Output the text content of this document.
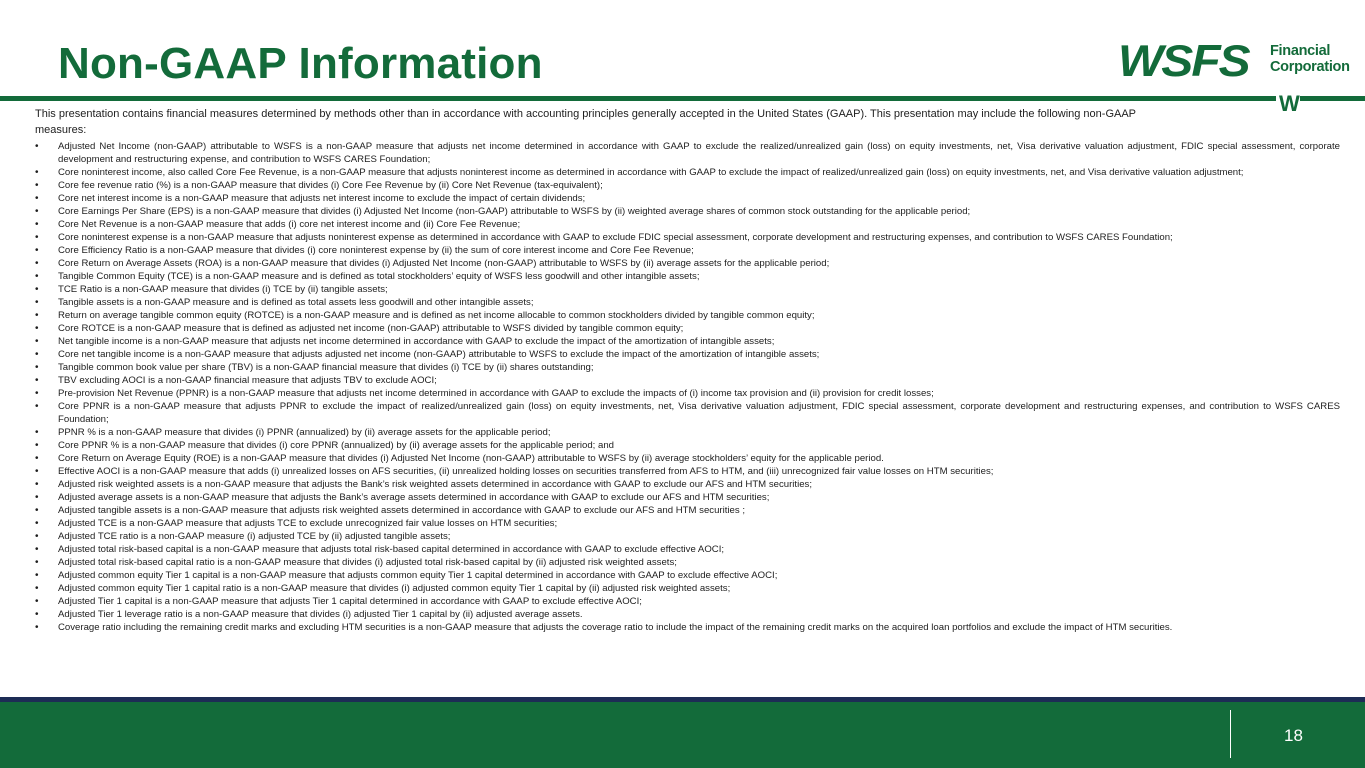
Non-GAAP Information	WSFS Financial
Corporation
W

This presentation contains financial measures determined by methods other than in accordance with accounting principles generally accepted in the United States (GAAP). This presentation may include the following non-GAAP measures:

• Adjusted Net Income (non-GAAP) attributable to WSFS is a non-GAAP measure that adjusts net income determined in accordance with GAAP to exclude the realized/unrealized gain (loss) on equity investments, net, Visa derivative valuation adjustment, FDIC special assessment, corporate development and restructuring expense, and contribution to WSFS CARES Foundation;
• Core noninterest income, also called Core Fee Revenue, is a non-GAAP measure that adjusts noninterest income as determined in accordance with GAAP to exclude the impact of realized/unrealized gain (loss) on equity investments, net, and Visa derivative valuation adjustment;
• Core fee revenue ratio (%) is a non-GAAP measure that divides (i) Core Fee Revenue by (ii) Core Net Revenue (tax-equivalent);
• Core net interest income is a non-GAAP measure that adjusts net interest income to exclude the impact of certain dividends;
• Core Earnings Per Share (EPS) is a non-GAAP measure that divides (i) Adjusted Net Income (non-GAAP) attributable to WSFS by (ii) weighted average shares of common stock outstanding for the applicable period;
• Core Net Revenue is a non-GAAP measure that adds (i) core net interest income and (ii) Core Fee Revenue;
• Core noninterest expense is a non-GAAP measure that adjusts noninterest expense as determined in accordance with GAAP to exclude FDIC special assessment, corporate development and restructuring expenses, and contribution to WSFS CARES Foundation;
• Core Efficiency Ratio is a non-GAAP measure that divides (i) core noninterest expense by (ii) the sum of core interest income and Core Fee Revenue;
• Core Return on Average Assets (ROA) is a non-GAAP measure that divides (i) Adjusted Net Income (non-GAAP) attributable to WSFS by (ii) average assets for the applicable period;
• Tangible Common Equity (TCE) is a non-GAAP measure and is defined as total stockholders’ equity of WSFS less goodwill and other intangible assets;
• TCE Ratio is a non-GAAP measure that divides (i) TCE by (ii) tangible assets;
• Tangible assets is a non-GAAP measure and is defined as total assets less goodwill and other intangible assets;
• Return on average tangible common equity (ROTCE) is a non-GAAP measure and is defined as net income allocable to common stockholders divided by tangible common equity;
• Core ROTCE is a non-GAAP measure that is defined as adjusted net income (non-GAAP) attributable to WSFS divided by tangible common equity;
• Net tangible income is a non-GAAP measure that adjusts net income determined in accordance with GAAP to exclude the impact of the amortization of intangible assets;
• Core net tangible income is a non-GAAP measure that adjusts adjusted net income (non-GAAP) attributable to WSFS to exclude the impact of the amortization of intangible assets;
• Tangible common book value per share (TBV) is a non-GAAP financial measure that divides (i) TCE by (ii) shares outstanding;
• TBV excluding AOCI is a non-GAAP financial measure that adjusts TBV to exclude AOCI;
• Pre-provision Net Revenue (PPNR) is a non-GAAP measure that adjusts net income determined in accordance with GAAP to exclude the impacts of (i) income tax provision and (ii) provision for credit losses;
• Core PPNR is a non-GAAP measure that adjusts PPNR to exclude the impact of realized/unrealized gain (loss) on equity investments, net, Visa derivative valuation adjustment, FDIC special assessment, corporate development and restructuring expenses, and contribution to WSFS CARES Foundation;
• PPNR % is a non-GAAP measure that divides (i) PPNR (annualized) by (ii) average assets for the applicable period;
• Core PPNR % is a non-GAAP measure that divides (i) core PPNR (annualized) by (ii) average assets for the applicable period; and
• Core Return on Average Equity (ROE) is a non-GAAP measure that divides (i) Adjusted Net Income (non-GAAP) attributable to WSFS by (ii) average stockholders’ equity for the applicable period.
• Effective AOCI is a non-GAAP measure that adds (i) unrealized losses on AFS securities, (ii) unrealized holding losses on securities transferred from AFS to HTM, and (iii) unrecognized fair value losses on HTM securities;
• Adjusted risk weighted assets is a non-GAAP measure that adjusts the Bank’s risk weighted assets determined in accordance with GAAP to exclude our AFS and HTM securities;
• Adjusted average assets is a non-GAAP measure that adjusts the Bank’s average assets determined in accordance with GAAP to exclude our AFS and HTM securities;
• Adjusted tangible assets is a non-GAAP measure that adjusts risk weighted assets determined in accordance with GAAP to exclude our AFS and HTM securities ;
• Adjusted TCE is a non-GAAP measure that adjusts TCE to exclude unrecognized fair value losses on HTM securities;
• Adjusted TCE ratio is a non-GAAP measure (i) adjusted TCE by (ii) adjusted tangible assets;
• Adjusted total risk-based capital is a non-GAAP measure that adjusts total risk-based capital determined in accordance with GAAP to exclude effective AOCI;
• Adjusted total risk-based capital ratio is a non-GAAP measure that divides (i) adjusted total risk-based capital by (ii) adjusted risk weighted assets;
• Adjusted common equity Tier 1 capital is a non-GAAP measure that adjusts common equity Tier 1 capital determined in accordance with GAAP to exclude effective AOCI;
• Adjusted common equity Tier 1 capital ratio is a non-GAAP measure that divides (i) adjusted common equity Tier 1 capital by (ii) adjusted risk weighted assets;
• Adjusted Tier 1 capital is a non-GAAP measure that adjusts Tier 1 capital determined in accordance with GAAP to exclude effective AOCI;
• Adjusted Tier 1 leverage ratio is a non-GAAP measure that divides (i) adjusted Tier 1 capital by (ii) adjusted average assets.
• Coverage ratio including the remaining credit marks and excluding HTM securities is a non-GAAP measure that adjusts the coverage ratio to include the impact of the remaining credit marks on the acquired loan portfolios and exclude the impact of HTM securities.
18
